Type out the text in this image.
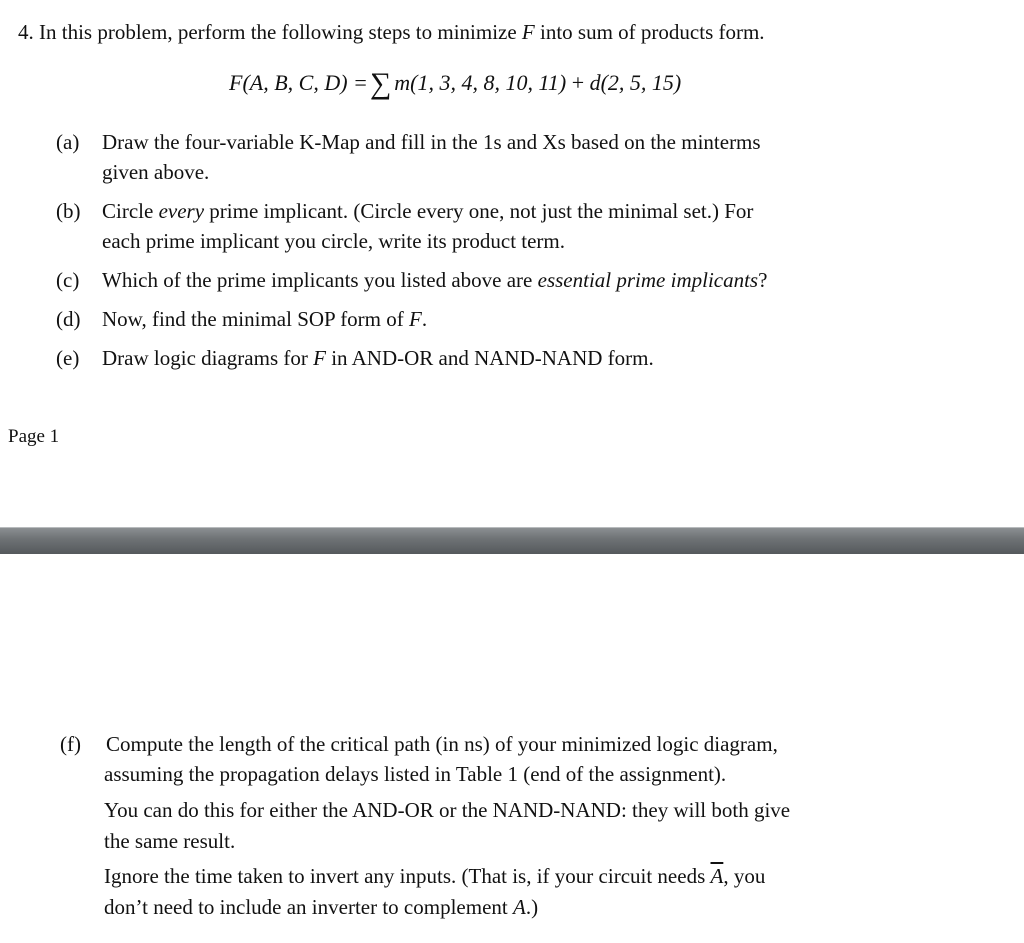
4. In this problem, perform the following steps to minimize F into sum of products form.
F(A, B, C, D) =∑ m(1, 3, 4, 8, 10, 11) + d(2, 5, 15)
(a) Draw the four-variable K-Map and fill in the 1s and Xs based on the minterms
given above.
(b) Circle every prime implicant. (Circle every one, not just the minimal set.) For
each prime implicant you circle, write its product term.
(c) Which of the prime implicants you listed above are essential prime implicants?
(d) Now, find the minimal SOP form of F.
(e) Draw logic diagrams for F in AND-OR and NAND-NAND form.
Page 1
(f) Compute the length of the critical path (in ns) of your minimized logic diagram,
assuming the propagation delays listed in Table 1 (end of the assignment).
You can do this for either the AND-OR or the NAND-NAND: they will both give
the same result.
Ignore the time taken to invert any inputs. (That is, if your circuit needs $\overline{A}$, you
don’t need to include an inverter to complement A.)
